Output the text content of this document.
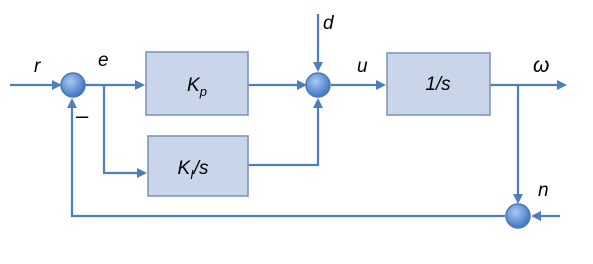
$K_p$
$K_I/s$
1/s
r	e
d
u	ω
n
–
